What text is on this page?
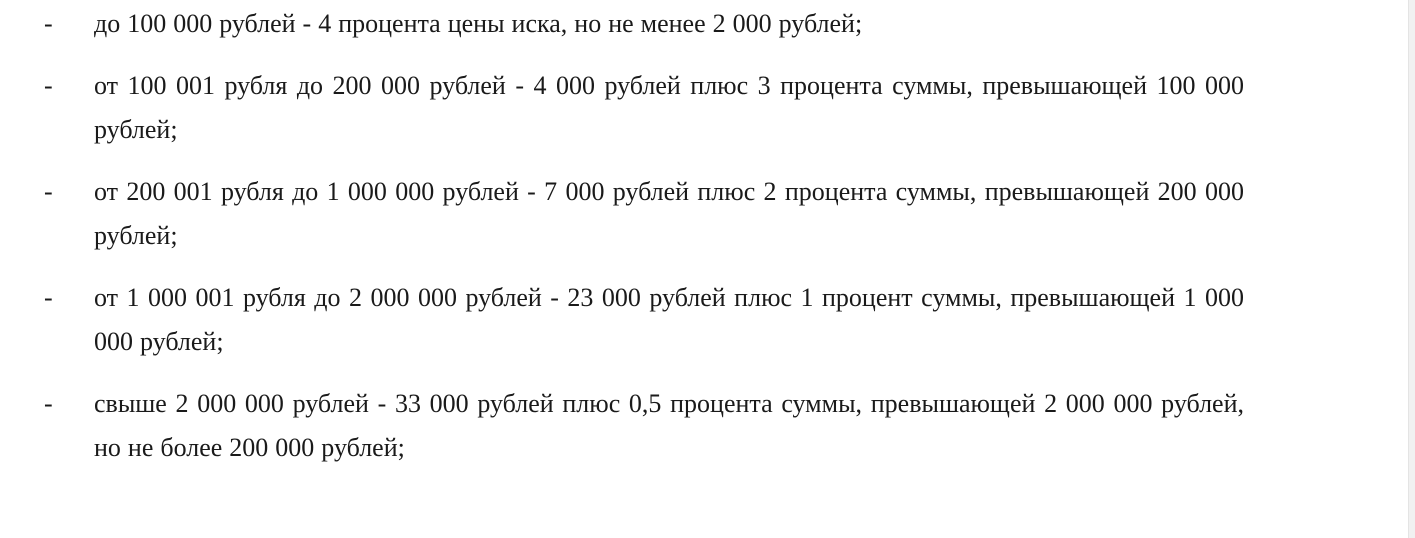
- до 100 000 рублей - 4 процента цены иска, но не менее 2 000 рублей;
- от 100 001 рубля до 200 000 рублей - 4 000 рублей плюс 3 процента суммы, превышающей 100 000 рублей;
- от 200 001 рубля до 1 000 000 рублей - 7 000 рублей плюс 2 процента суммы, превышающей 200 000 рублей;
- от 1 000 001 рубля до 2 000 000 рублей - 23 000 рублей плюс 1 процент суммы, превышающей 1 000 000 рублей;
- свыше 2 000 000 рублей - 33 000 рублей плюс 0,5 процента суммы, превышающей 2 000 000 рублей, но не более 200 000 рублей;
